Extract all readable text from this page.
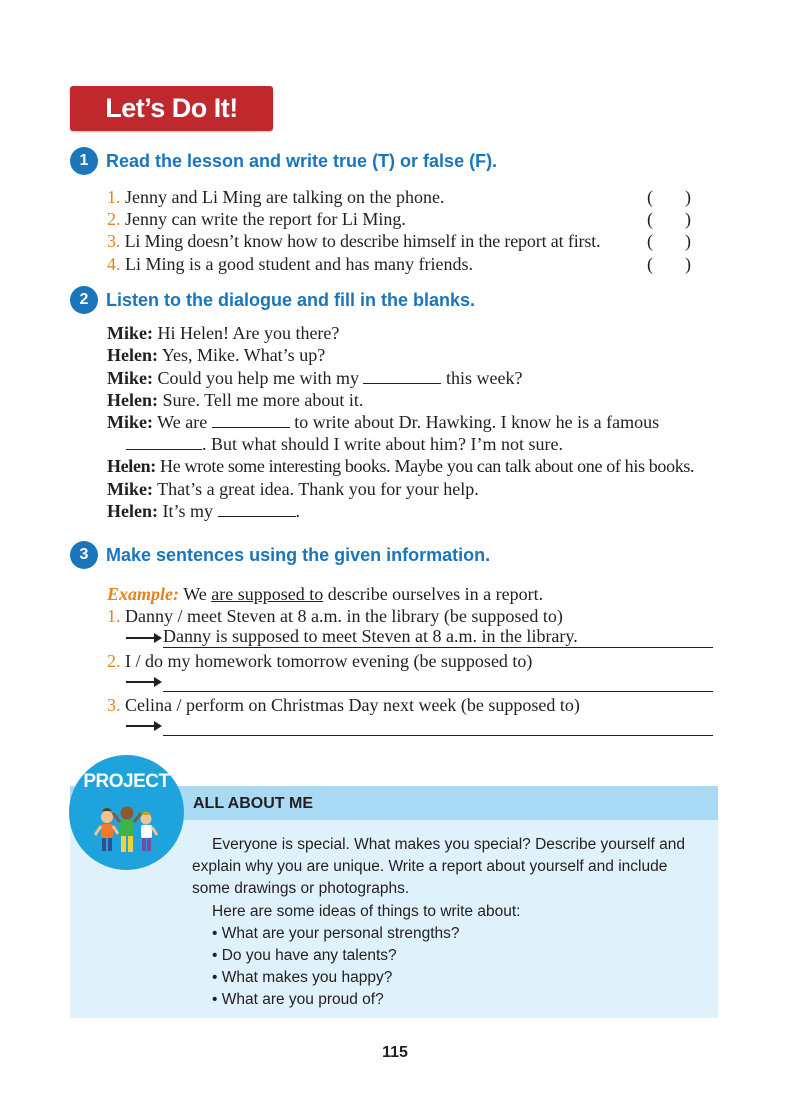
Let’s Do It!
1 Read the lesson and write true (T) or false (F).
1. Jenny and Li Ming are talking on the phone.	( )
2. Jenny can write the report for Li Ming.	( )
3. Li Ming doesn’t know how to describe himself in the report at first.	( )
4. Li Ming is a good student and has many friends.	( )
2 Listen to the dialogue and fill in the blanks.
Mike: Hi Helen! Are you there?
Helen: Yes, Mike. What’s up?
Mike: Could you help me with my	this week?
Helen: Sure. Tell me more about it.
Mike: We are	to write about Dr. Hawking. I know he is a famous
. But what should I write about him? I’m not sure.
Helen: He wrote some interesting books. Maybe you can talk about one of his books.
Mike: That’s a great idea. Thank you for your help.
Helen: It’s my	.
3 Make sentences using the given information.
Example: We are supposed to describe ourselves in a report.
1. Danny / meet Steven at 8 a.m. in the library (be supposed to)
Danny is supposed to meet Steven at 8 a.m. in the library.
2. I / do my homework tomorrow evening (be supposed to)
3. Celina / perform on Christmas Day next week (be supposed to)
ALL ABOUT ME
PROJECT
Everyone is special. What makes you special? Describe yourself and
explain why you are unique. Write a report about yourself and include
some drawings or photographs.
Here are some ideas of things to write about:
• What are your personal strengths?
• Do you have any talents?
• What makes you happy?
• What are you proud of?
115
